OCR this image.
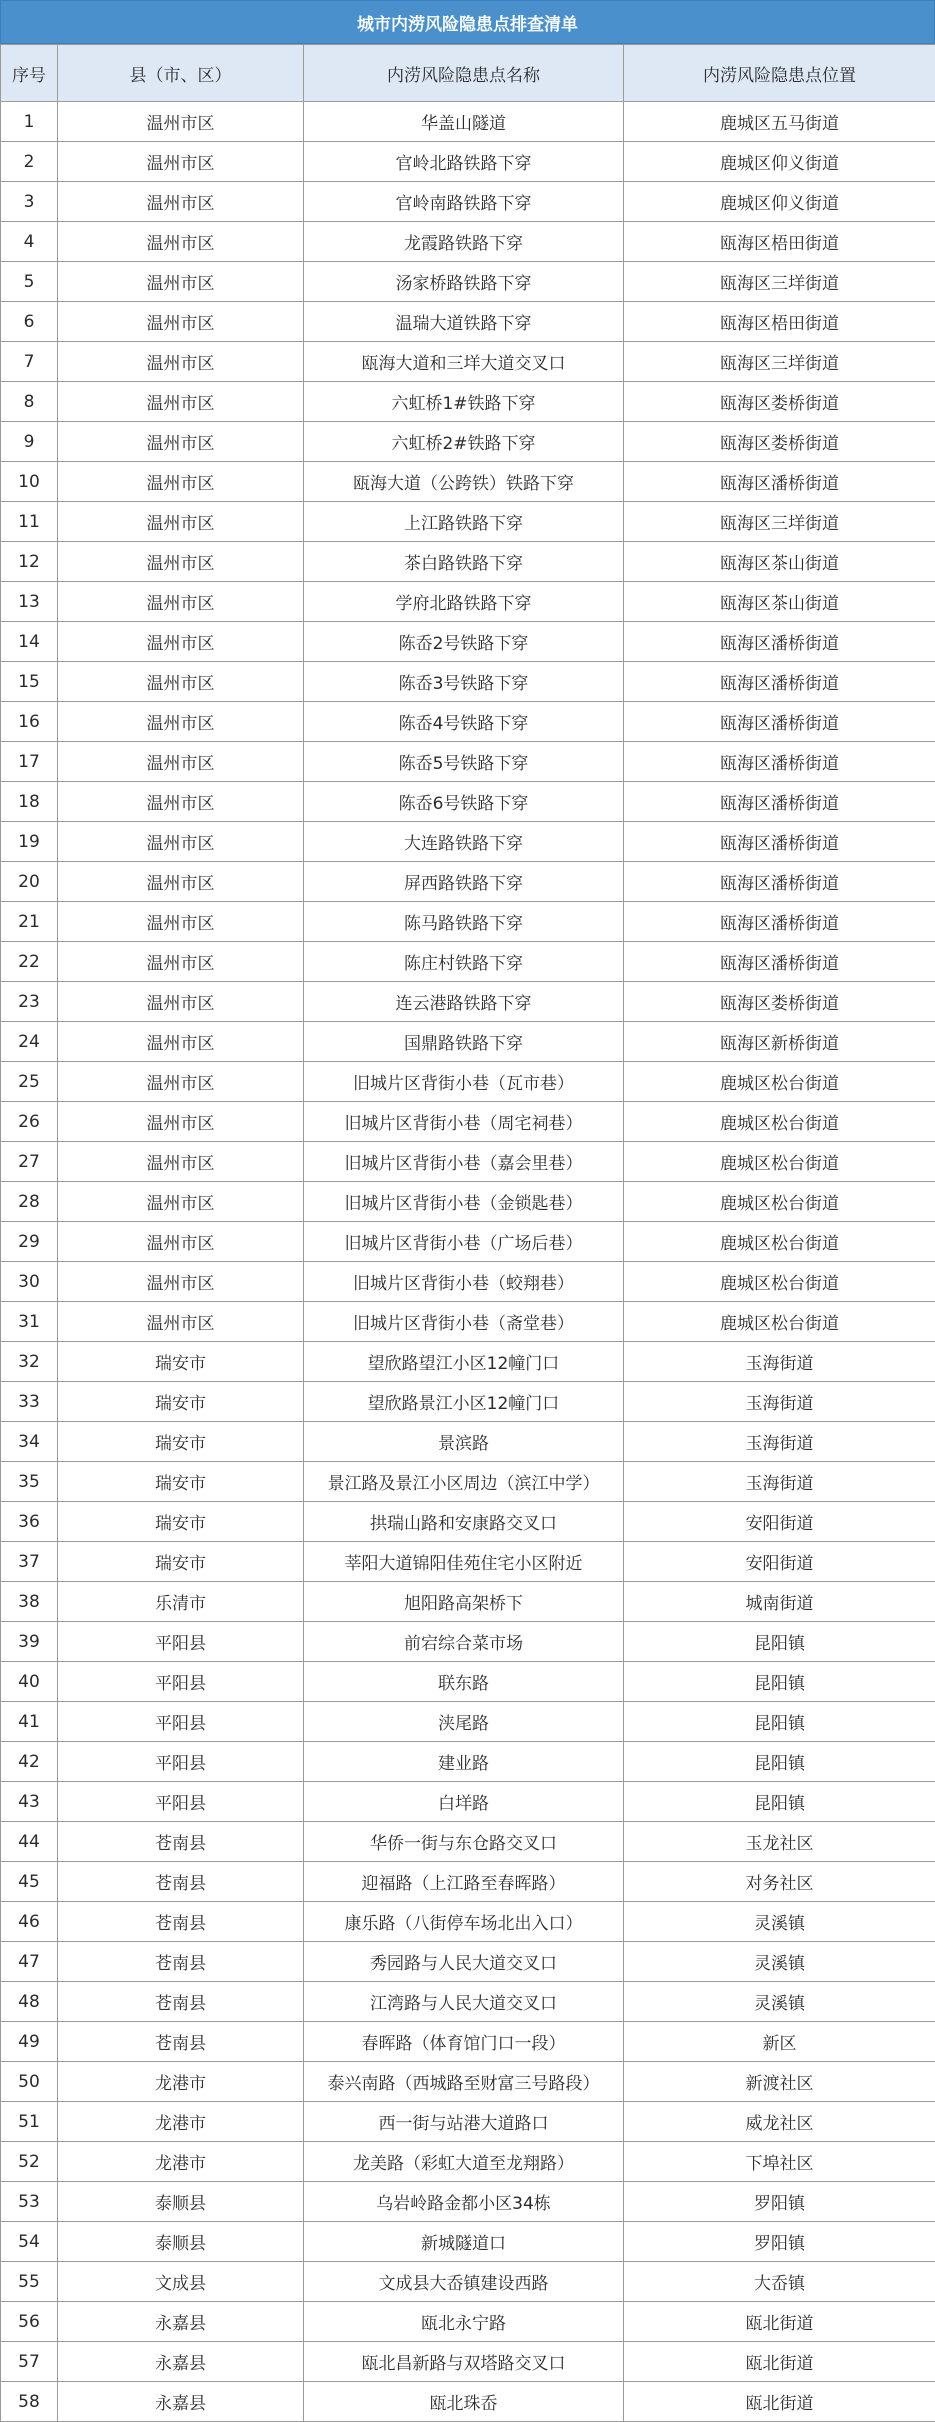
城市内涝风险隐患点排查清单
序号	县（市、区）	内涝风险隐患点名称	内涝风险隐患点位置
1	温州市区	华盖山隧道	鹿城区五马街道
2	温州市区	官岭北路铁路下穿	鹿城区仰义街道
3	温州市区	官岭南路铁路下穿	鹿城区仰义街道
4	温州市区	龙霞路铁路下穿	瓯海区梧田街道
5	温州市区	汤家桥路铁路下穿	瓯海区三垟街道
6	温州市区	温瑞大道铁路下穿	瓯海区梧田街道
7	温州市区	瓯海大道和三垟大道交叉口	瓯海区三垟街道
8	温州市区	六虹桥1#铁路下穿	瓯海区娄桥街道
9	温州市区	六虹桥2#铁路下穿	瓯海区娄桥街道
10	温州市区	瓯海大道（公跨铁）铁路下穿	瓯海区潘桥街道
11	温州市区	上江路铁路下穿	瓯海区三垟街道
12	温州市区	茶白路铁路下穿	瓯海区茶山街道
13	温州市区	学府北路铁路下穿	瓯海区茶山街道
14	温州市区	陈岙2号铁路下穿	瓯海区潘桥街道
15	温州市区	陈岙3号铁路下穿	瓯海区潘桥街道
16	温州市区	陈岙4号铁路下穿	瓯海区潘桥街道
17	温州市区	陈岙5号铁路下穿	瓯海区潘桥街道
18	温州市区	陈岙6号铁路下穿	瓯海区潘桥街道
19	温州市区	大连路铁路下穿	瓯海区潘桥街道
20	温州市区	屏西路铁路下穿	瓯海区潘桥街道
21	温州市区	陈马路铁路下穿	瓯海区潘桥街道
22	温州市区	陈庄村铁路下穿	瓯海区潘桥街道
23	温州市区	连云港路铁路下穿	瓯海区娄桥街道
24	温州市区	国鼎路铁路下穿	瓯海区新桥街道
25	温州市区	旧城片区背街小巷（瓦市巷）	鹿城区松台街道
26	温州市区	旧城片区背街小巷（周宅祠巷）	鹿城区松台街道
27	温州市区	旧城片区背街小巷（嘉会里巷）	鹿城区松台街道
28	温州市区	旧城片区背街小巷（金锁匙巷）	鹿城区松台街道
29	温州市区	旧城片区背街小巷（广场后巷）	鹿城区松台街道
30	温州市区	旧城片区背街小巷（蛟翔巷）	鹿城区松台街道
31	温州市区	旧城片区背街小巷（斋堂巷）	鹿城区松台街道
32	瑞安市	望欣路望江小区12幢门口	玉海街道
33	瑞安市	望欣路景江小区12幢门口	玉海街道
34	瑞安市	景滨路	玉海街道
35	瑞安市	景江路及景江小区周边（滨江中学）	玉海街道
36	瑞安市	拱瑞山路和安康路交叉口	安阳街道
37	瑞安市	莘阳大道锦阳佳苑住宅小区附近	安阳街道
38	乐清市	旭阳路高架桥下	城南街道
39	平阳县	前宕综合菜市场	昆阳镇
40	平阳县	联东路	昆阳镇
41	平阳县	浃尾路	昆阳镇
42	平阳县	建业路	昆阳镇
43	平阳县	白垟路	昆阳镇
44	苍南县	华侨一街与东仓路交叉口	玉龙社区
45	苍南县	迎福路（上江路至春晖路）	对务社区
46	苍南县	康乐路（八街停车场北出入口）	灵溪镇
47	苍南县	秀园路与人民大道交叉口	灵溪镇
48	苍南县	江湾路与人民大道交叉口	灵溪镇
49	苍南县	春晖路（体育馆门口一段）	新区
50	龙港市	泰兴南路（西城路至财富三号路段）	新渡社区
51	龙港市	西一街与站港大道路口	威龙社区
52	龙港市	龙美路（彩虹大道至龙翔路）	下埠社区
53	泰顺县	乌岩岭路金都小区34栋	罗阳镇
54	泰顺县	新城隧道口	罗阳镇
55	文成县	文成县大岙镇建设西路	大岙镇
56	永嘉县	瓯北永宁路	瓯北街道
57	永嘉县	瓯北昌新路与双塔路交叉口	瓯北街道
58	永嘉县	瓯北珠岙	瓯北街道
